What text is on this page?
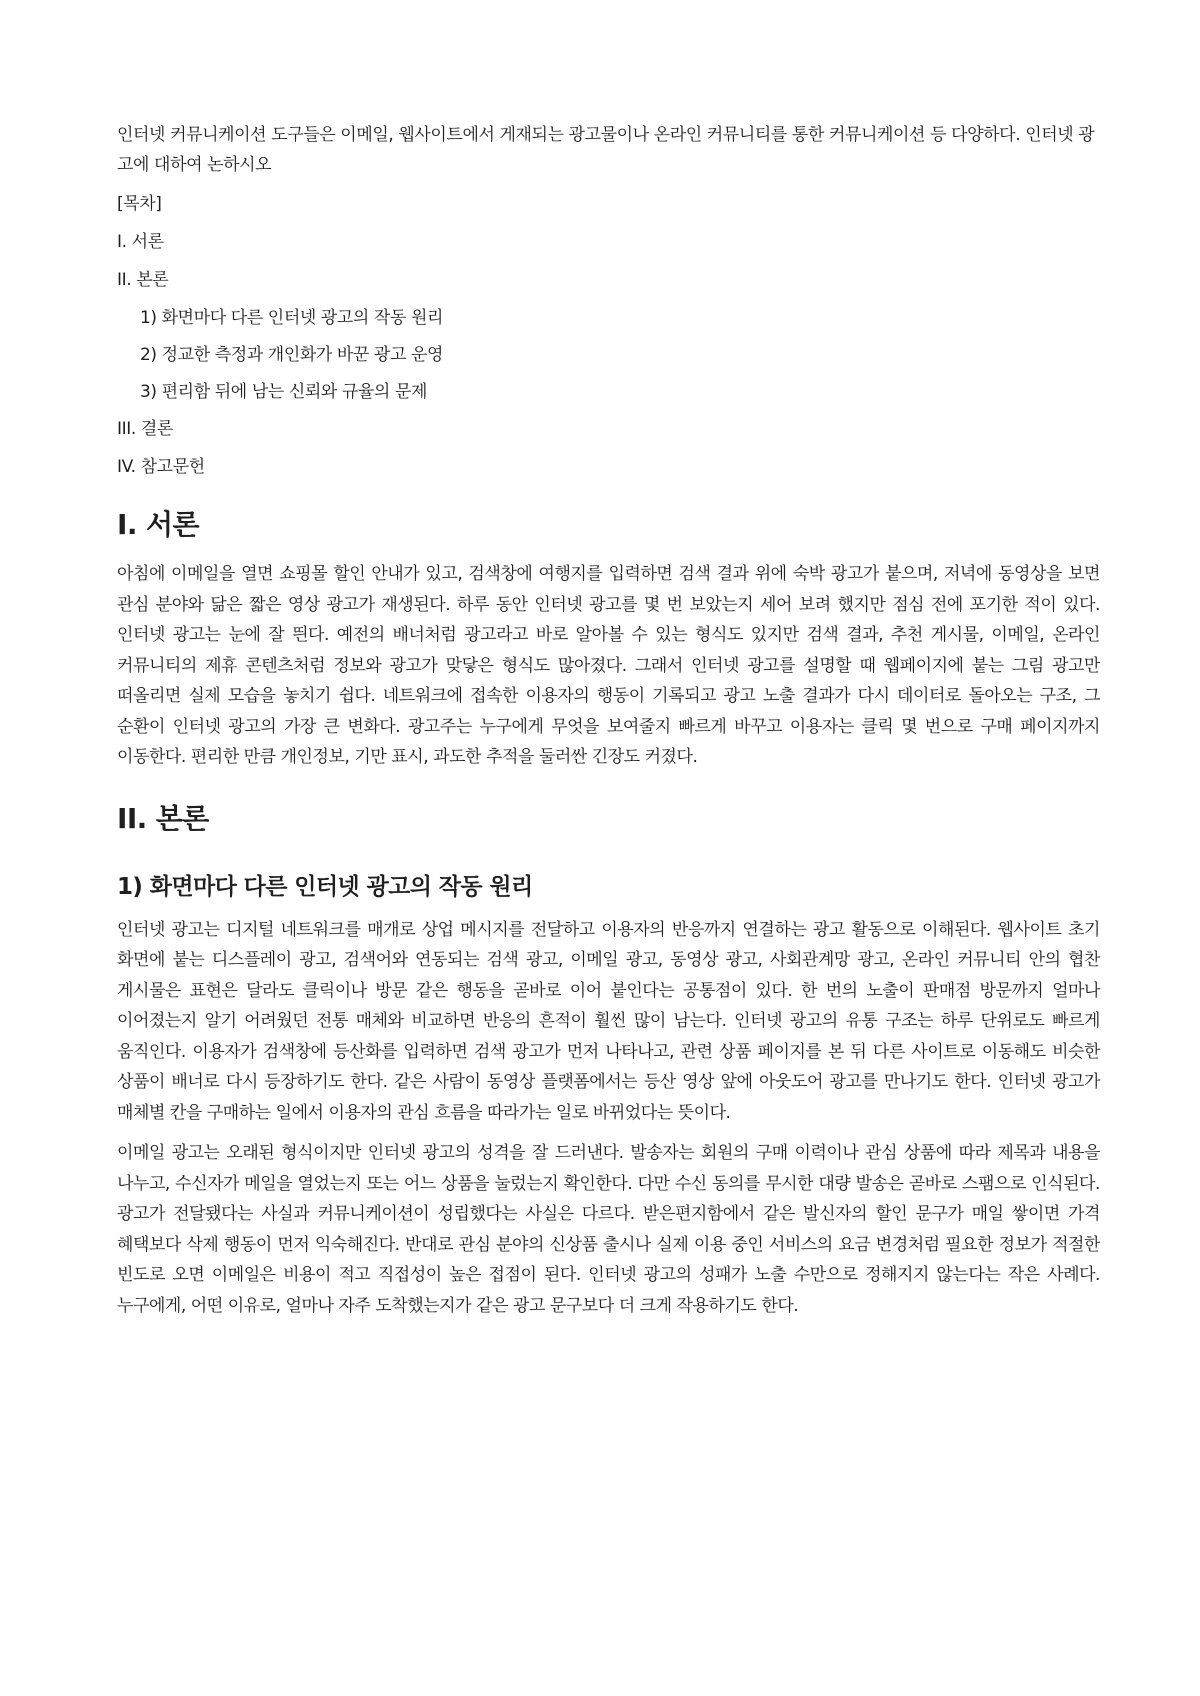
인터넷 커뮤니케이션 도구들은 이메일, 웹사이트에서 게재되는 광고물이나 온라인 커뮤니티를 통한 커뮤니케이션 등 다양하다. 인터넷 광고에 대하여 논하시오

[목차]
I. 서론
II. 본론
1) 화면마다 다른 인터넷 광고의 작동 원리
2) 정교한 측정과 개인화가 바꾼 광고 운영
3) 편리함 뒤에 남는 신뢰와 규율의 문제
III. 결론
IV. 참고문헌
I. 서론

아침에 이메일을 열면 쇼핑몰 할인 안내가 있고, 검색창에 여행지를 입력하면 검색 결과 위에 숙박 광고가 붙으며, 저녁에 동영상을 보면 관심 분야와 닮은 짧은 영상 광고가 재생된다. 하루 동안 인터넷 광고를 몇 번 보았는지 세어 보려 했지만 점심 전에 포기한 적이 있다. 인터넷 광고는 눈에 잘 띈다. 예전의 배너처럼 광고라고 바로 알아볼 수 있는 형식도 있지만 검색 결과, 추천 게시물, 이메일, 온라인 커뮤니티의 제휴 콘텐츠처럼 정보와 광고가 맞닿은 형식도 많아졌다. 그래서 인터넷 광고를 설명할 때 웹페이지에 붙는 그림 광고만 떠올리면 실제 모습을 놓치기 쉽다. 네트워크에 접속한 이용자의 행동이 기록되고 광고 노출 결과가 다시 데이터로 돌아오는 구조, 그 순환이 인터넷 광고의 가장 큰 변화다. 광고주는 누구에게 무엇을 보여줄지 빠르게 바꾸고 이용자는 클릭 몇 번으로 구매 페이지까지 이동한다. 편리한 만큼 개인정보, 기만 표시, 과도한 추적을 둘러싼 긴장도 커졌다.

II. 본론
1) 화면마다 다른 인터넷 광고의 작동 원리

인터넷 광고는 디지털 네트워크를 매개로 상업 메시지를 전달하고 이용자의 반응까지 연결하는 광고 활동으로 이해된다. 웹사이트 초기 화면에 붙는 디스플레이 광고, 검색어와 연동되는 검색 광고, 이메일 광고, 동영상 광고, 사회관계망 광고, 온라인 커뮤니티 안의 협찬 게시물은 표현은 달라도 클릭이나 방문 같은 행동을 곧바로 이어 붙인다는 공통점이 있다. 한 번의 노출이 판매점 방문까지 얼마나 이어졌는지 알기 어려웠던 전통 매체와 비교하면 반응의 흔적이 훨씬 많이 남는다. 인터넷 광고의 유통 구조는 하루 단위로도 빠르게 움직인다. 이용자가 검색창에 등산화를 입력하면 검색 광고가 먼저 나타나고, 관련 상품 페이지를 본 뒤 다른 사이트로 이동해도 비슷한 상품이 배너로 다시 등장하기도 한다. 같은 사람이 동영상 플랫폼에서는 등산 영상 앞에 아웃도어 광고를 만나기도 한다. 인터넷 광고가 매체별 칸을 구매하는 일에서 이용자의 관심 흐름을 따라가는 일로 바뀌었다는 뜻이다.

이메일 광고는 오래된 형식이지만 인터넷 광고의 성격을 잘 드러낸다. 발송자는 회원의 구매 이력이나 관심 상품에 따라 제목과 내용을 나누고, 수신자가 메일을 열었는지 또는 어느 상품을 눌렀는지 확인한다. 다만 수신 동의를 무시한 대량 발송은 곧바로 스팸으로 인식된다. 광고가 전달됐다는 사실과 커뮤니케이션이 성립했다는 사실은 다르다. 받은편지함에서 같은 발신자의 할인 문구가 매일 쌓이면 가격 혜택보다 삭제 행동이 먼저 익숙해진다. 반대로 관심 분야의 신상품 출시나 실제 이용 중인 서비스의 요금 변경처럼 필요한 정보가 적절한 빈도로 오면 이메일은 비용이 적고 직접성이 높은 접점이 된다. 인터넷 광고의 성패가 노출 수만으로 정해지지 않는다는 작은 사례다. 누구에게, 어떤 이유로, 얼마나 자주 도착했는지가 같은 광고 문구보다 더 크게 작용하기도 한다.
